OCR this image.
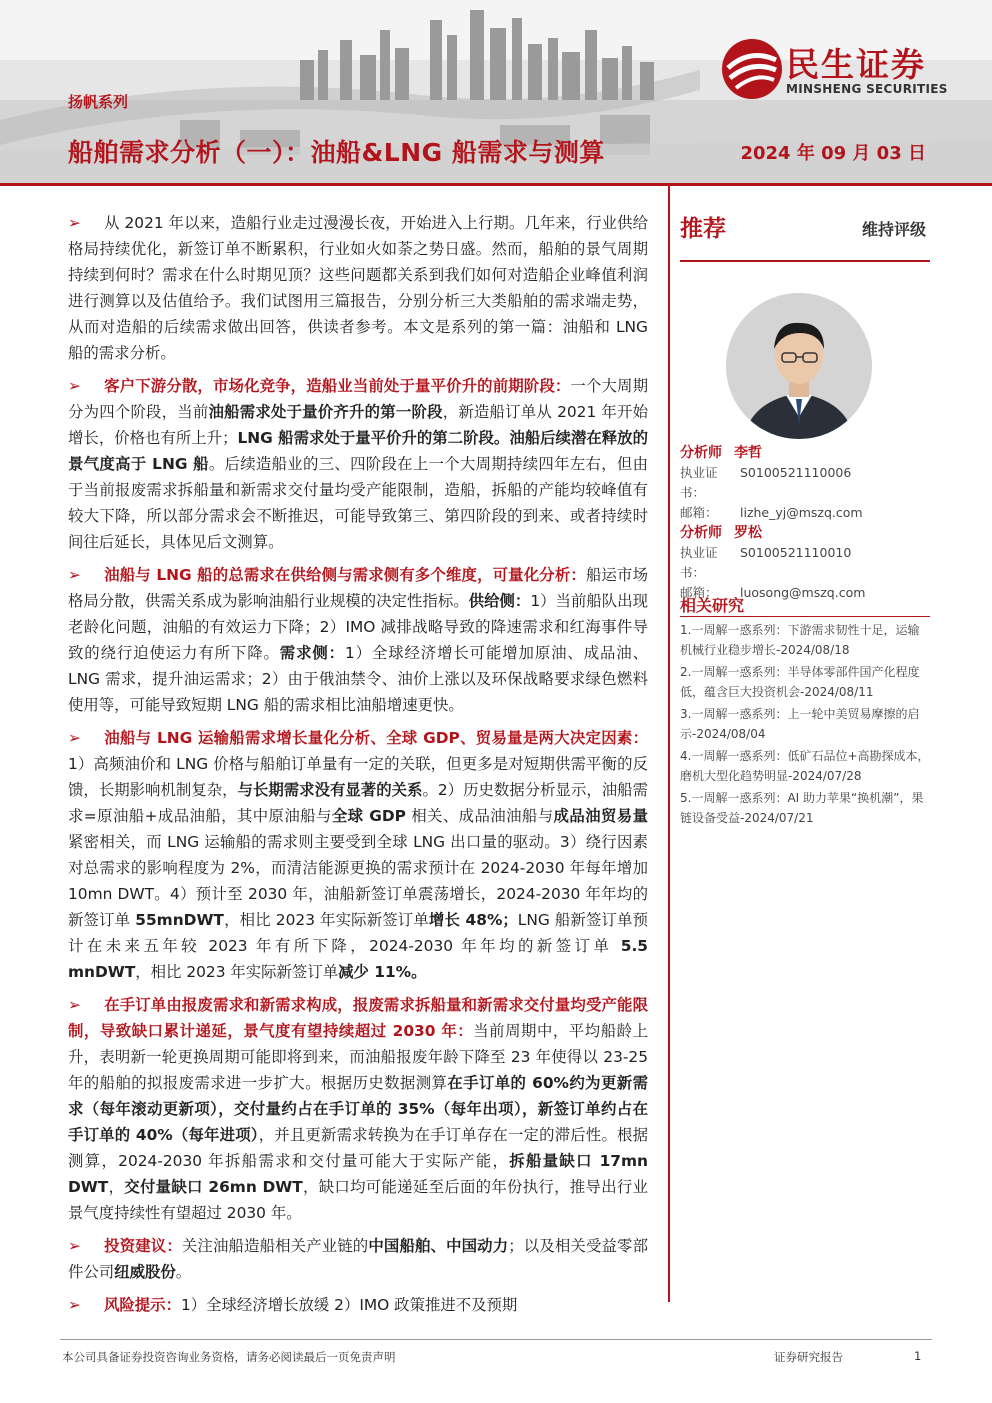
扬帆系列
船舶需求分析（一）：油船&LNG 船需求与测算	2024 年 09 月 03 日
民生证券
MINSHENG SECURITIES

➢ 从 2021 年以来，造船行业走过漫漫长夜，开始进入上行期。几年来，行业供给格局持续优化，新签订单不断累积，行业如火如荼之势日盛。然而，船舶的景气周期持续到何时？需求在什么时期见顶？这些问题都关系到我们如何对造船企业峰值利润进行测算以及估值给予。我们试图用三篇报告，分别分析三大类船舶的需求端走势，从而对造船的后续需求做出回答，供读者参考。本文是系列的第一篇：油船和 LNG 船的需求分析。

➢ 客户下游分散，市场化竞争，造船业当前处于量平价升的前期阶段：一个大周期分为四个阶段，当前油船需求处于量价齐升的第一阶段，新造船订单从 2021 年开始增长，价格也有所上升；LNG 船需求处于量平价升的第二阶段。油船后续潜在释放的景气度高于 LNG 船。后续造船业的三、四阶段在上一个大周期持续四年左右，但由于当前报废需求拆船量和新需求交付量均受产能限制，造船，拆船的产能均较峰值有较大下降，所以部分需求会不断推迟，可能导致第三、第四阶段的到来、或者持续时间往后延长，具体见后文测算。

➢ 油船与 LNG 船的总需求在供给侧与需求侧有多个维度，可量化分析：船运市场格局分散，供需关系成为影响油船行业规模的决定性指标。供给侧：1）当前船队出现老龄化问题，油船的有效运力下降；2）IMO 减排战略导致的降速需求和红海事件导致的绕行迫使运力有所下降。需求侧：1）全球经济增长可能增加原油、成品油、LNG 需求，提升油运需求；2）由于俄油禁令、油价上涨以及环保战略要求绿色燃料使用等，可能导致短期 LNG 船的需求相比油船增速更快。

➢ 油船与 LNG 运输船需求增长量化分析、全球 GDP、贸易量是两大决定因素：1）高频油价和 LNG 价格与船舶订单量有一定的关联，但更多是对短期供需平衡的反馈，长期影响机制复杂，与长期需求没有显著的关系。2）历史数据分析显示，油船需求=原油船+成品油船，其中原油船与全球 GDP 相关、成品油油船与成品油贸易量紧密相关，而 LNG 运输船的需求则主要受到全球 LNG 出口量的驱动。3）绕行因素对总需求的影响程度为 2%，而清洁能源更换的需求预计在 2024-2030 年每年增加 10mn DWT。4）预计至 2030 年，油船新签订单震荡增长，2024-2030 年年均的新签订单 55mnDWT，相比 2023 年实际新签订单增长 48%；LNG 船新签订单预计在未来五年较 2023 年有所下降，2024-2030 年年均的新签订单 5.5 mnDWT，相比 2023 年实际新签订单减少 11%。

➢ 在手订单由报废需求和新需求构成，报废需求拆船量和新需求交付量均受产能限制，导致缺口累计递延，景气度有望持续超过 2030 年：当前周期中，平均船龄上升，表明新一轮更换周期可能即将到来，而油船报废年龄下降至 23 年使得以 23-25 年的船舶的拟报废需求进一步扩大。根据历史数据测算在手订单的 60%约为更新需求（每年滚动更新项），交付量约占在手订单的 35%（每年出项），新签订单约占在手订单的 40%（每年进项），并且更新需求转换为在手订单存在一定的滞后性。根据测算，2024-2030 年拆船需求和交付量可能大于实际产能，拆船量缺口 17mn DWT，交付量缺口 26mn DWT，缺口均可能递延至后面的年份执行，推导出行业景气度持续性有望超过 2030 年。

➢ 投资建议：关注油船造船相关产业链的中国船舶、中国动力；以及相关受益零部件公司纽威股份。

➢ 风险提示：1）全球经济增长放缓 2）IMO 政策推进不及预期

推荐	维持评级
分析师 李哲
执业证书：
S0100521110006
邮箱：	lizhe_yj@mszq.com
分析师 罗松
执业证书：
S0100521110010
邮箱：	luosong@mszq.com
相关研究
1.一周解一惑系列：下游需求韧性十足，运输机械行业稳步增长-2024/08/18
2.一周解一惑系列：半导体零部件国产化程度低，蕴含巨大投资机会-2024/08/11
3.一周解一惑系列：上一轮中美贸易摩擦的启示-2024/08/04
4.一周解一惑系列：低矿石品位+高勘探成本，磨机大型化趋势明显-2024/07/28
5.一周解一惑系列：AI 助力苹果“换机潮”，果链设备受益-2024/07/21
本公司具备证券投资咨询业务资格，请务必阅读最后一页免责声明	证券研究报告	1
